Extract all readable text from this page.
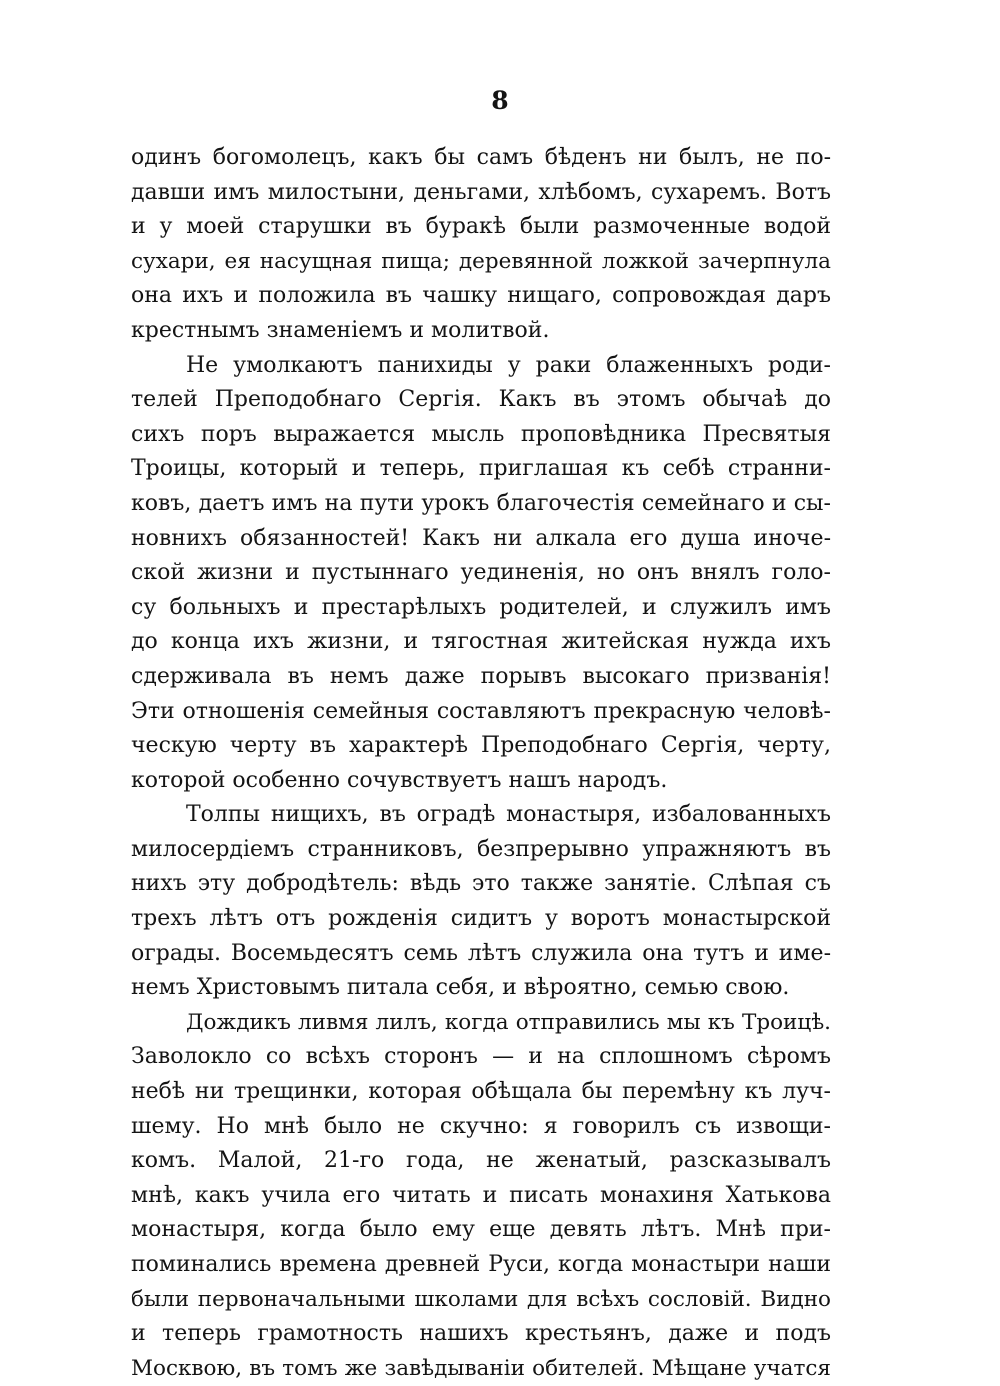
8
одинъ богомолецъ, какъ бы самъ бѣденъ ни былъ, не по-
давши имъ милостыни, деньгами, хлѣбомъ, сухаремъ. Вотъ
и у моей старушки въ буракѣ были размоченные водой
сухари, ея насущная пища; деревянной ложкой зачерпнула
она ихъ и положила въ чашку нищаго, сопровождая даръ
крестнымъ знаменіемъ и молитвой.
Не умолкаютъ панихиды у раки блаженныхъ роди-
телей Преподобнаго Сергія. Какъ въ этомъ обычаѣ до
сихъ поръ выражается мысль проповѣдника Пресвятыя
Троицы, который и теперь, приглашая къ себѣ странни-
ковъ, даетъ имъ на пути урокъ благочестія семейнаго и сы-
новнихъ обязанностей! Какъ ни алкала его душа иноче-
ской жизни и пустыннаго уединенія, но онъ внялъ голо-
су больныхъ и престарѣлыхъ родителей, и служилъ имъ
до конца ихъ жизни, и тягостная житейская нужда ихъ
сдерживала въ немъ даже порывъ высокаго призванія!
Эти отношенія семейныя составляютъ прекрасную человѣ-
ческую черту въ характерѣ Преподобнаго Сергія, черту,
которой особенно сочувствуетъ нашъ народъ.
Толпы нищихъ, въ оградѣ монастыря, избалованныхъ
милосердіемъ странниковъ, безпрерывно упражняютъ въ
нихъ эту добродѣтель: вѣдь это также занятіе. Слѣпая съ
трехъ лѣтъ отъ рожденія сидитъ у воротъ монастырской
ограды. Восемьдесятъ семь лѣтъ служила она тутъ и име-
немъ Христовымъ питала себя, и вѣроятно, семью свою.
Дождикъ ливмя лилъ, когда отправились мы къ Троицѣ.
Заволокло со всѣхъ сторонъ — и на сплошномъ сѣромъ
небѣ ни трещинки, которая обѣщала бы перемѣну къ луч-
шему. Но мнѣ было не скучно: я говорилъ съ извощи-
комъ. Малой, 21-го года, не женатый, разсказывалъ
мнѣ, какъ учила его читать и писать монахиня Хатькова
монастыря, когда было ему еще девять лѣтъ. Мнѣ при-
поминались времена древней Руси, когда монастыри наши
были первоначальными школами для всѣхъ сословій. Видно
и теперь грамотность нашихъ крестьянъ, даже и подъ
Москвою, въ томъ же завѣдываніи обителей. Мѣщане учатся
